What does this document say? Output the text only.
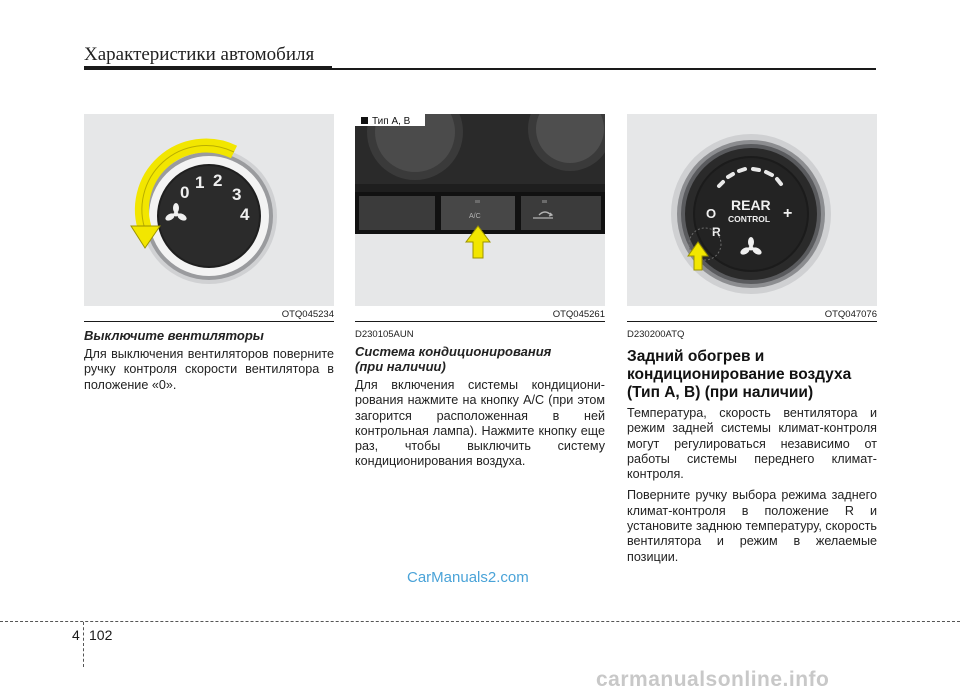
Характеристики автомобиля
0
1 2
3
4
OTQ045234
Выключите вентиляторы
Для выключения вентиляторов поверните ручку контроля скорости вентилятора в положение «0».
A/C
Тип A, B
OTQ045261
D230105AUN
Система кондиционирования
(при наличии)
Для включения системы кондициони-рования нажмите на кнопку A/C (при этом загорится расположенная в ней контрольная лампа). Нажмите кнопку еще раз, чтобы выключить систему кондиционирования воздуха.
REAR
CONTROL
O
R
+
OTQ047076
D230200ATQ
Задний обогрев и кондиционирование воздуха (Тип A, B) (при наличии)
Температура, скорость вентилятора и режим задней системы климат-контроля могут регулироваться независимо от работы системы переднего климат-контроля.
Поверните ручку выбора режима заднего климат-контроля в положение R и установите заднюю температуру, скорость вентилятора и режим в желаемые позиции.
CarManuals2.com
4 102
carmanualsonline.info
